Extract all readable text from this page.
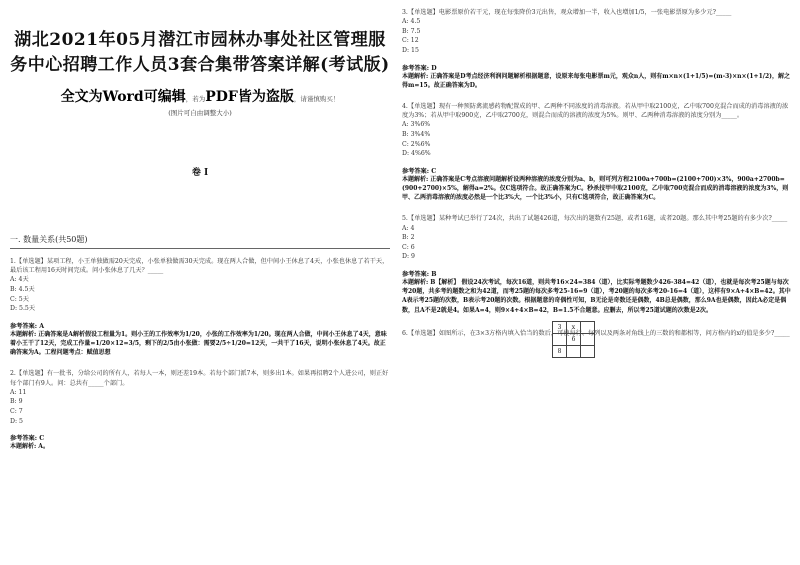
湖北2021年05月潜江市园林办事处社区管理服务中心招聘工作人员3套合集带答案详解(考试版)
全文为Word可编辑，若为PDF皆为盗版，请谨慎购买！
(图片可自由调整大小)
卷 I
一. 数量关系(共50题)
1.【单选题】某项工程，小王单独做需20天完成，小张单独做需30天完成。现在两人合做，但中间小王休息了4天，小张也休息了若干天，最后该工程用16天时间完成。问小张休息了几天？_____
A: 4天
B: 4.5天
C: 5天
D: 5.5天
参考答案: A
本题解析: 正确答案是A解析假设工程量为1。则小王的工作效率为1/20，小张的工作效率为1/20。现在两人合做，中间小王休息了4天，意味着小王干了12天，完成工作量=1/20×12=3/5，剩下的2/5由小张做：需要2/5÷1/20=12天，一共干了16天，说明小张休息了4天。故正确答案为A。工程问题考点：赋值思想
2.【单选题】有一批书，分给公司的所有人，若每人一本，则还差19本。若每个部门派7本，则多出1本。如果再招聘2个人进公司，则正好每个部门有9人。问：总共有_____个部门。
A: 11
B: 9
C: 7
D: 5
参考答案: C
本题解析: A。
3.【单选题】电影票原价若干元，现在每张降价3元出售，观众增加一半，收入也增加1/5，一张电影票原为多少元?_____
A: 4.5
B: 7.5
C: 12
D: 15
参考答案: D
本题解析: 正确答案是D考点经济利润问题解析根据题意，设原来每张电影票m元，观众n人，则有m×n×(1+1/5)=(m-3)×n×(1+1/2)，解之得m=15。故正确答案为D。
4.【单选题】现有一种预防禽流感药物配置成的甲、乙两种不同浓度的消毒溶液。若从甲中取2100克，乙中取700克混合而成的消毒溶液的浓度为3%；若从甲中取900克，乙中取2700克，则混合而成的溶液的浓度为5%。则甲、乙两种消毒溶液的浓度分别为_____。
A: 3%6%
B: 3%4%
C: 2%6%
D: 4%6%
参考答案: C
本题解析: 正确答案是C考点溶液问题解析设两种溶液的浓度分别为a、b，则可列方程2100a+700b=(2100+700)×3%，900a+2700b=(900+2700)×5%，解得a=2%。仅C选项符合。故正确答案为C。秒杀技甲中取2100克，乙中取700克混合而成的消毒溶液的浓度为3%，则甲、乙两消毒溶液的浓度必然是一个比3%大，一个比3%小，只有C选项符合，故正确答案为C。
5.【单选题】某种考试已举行了24次，共出了试题426道，每次出的题数有25题，或者16题，或者20题。那么其中考25题的有多少次?_____
A: 4
B: 2
C: 6
D: 9
参考答案: B
本题解析: B【解析】 假设24次考试，每次16道，则共考16×24=384（道），比实际考题数少426-384=42（道），也就是每次考25题与每次考20题，共多考的题数之和为42道，而考25题的每次多考25-16=9（道），考20题的每次多考20-16=4（道），这样有9×A+4×B=42。其中A表示考25题的次数，B表示考20题的次数。根据题意的奇偶性可知，B无论是奇数还是偶数，4B总是偶数，那么9A也是偶数，因此A必定是偶数，且A不是2就是4。如果A=4，则9×4+4×B=42，B=1.5不合题意。应删去，所以考25道试题的次数是2次。
6.【单选题】如图所示，在3×3方格内填入恰当的数后，可使每行、每列以及两条对角线上的三数的和都相等，问方格内的x的值是多少?_____
3	x	
	6	
8		
